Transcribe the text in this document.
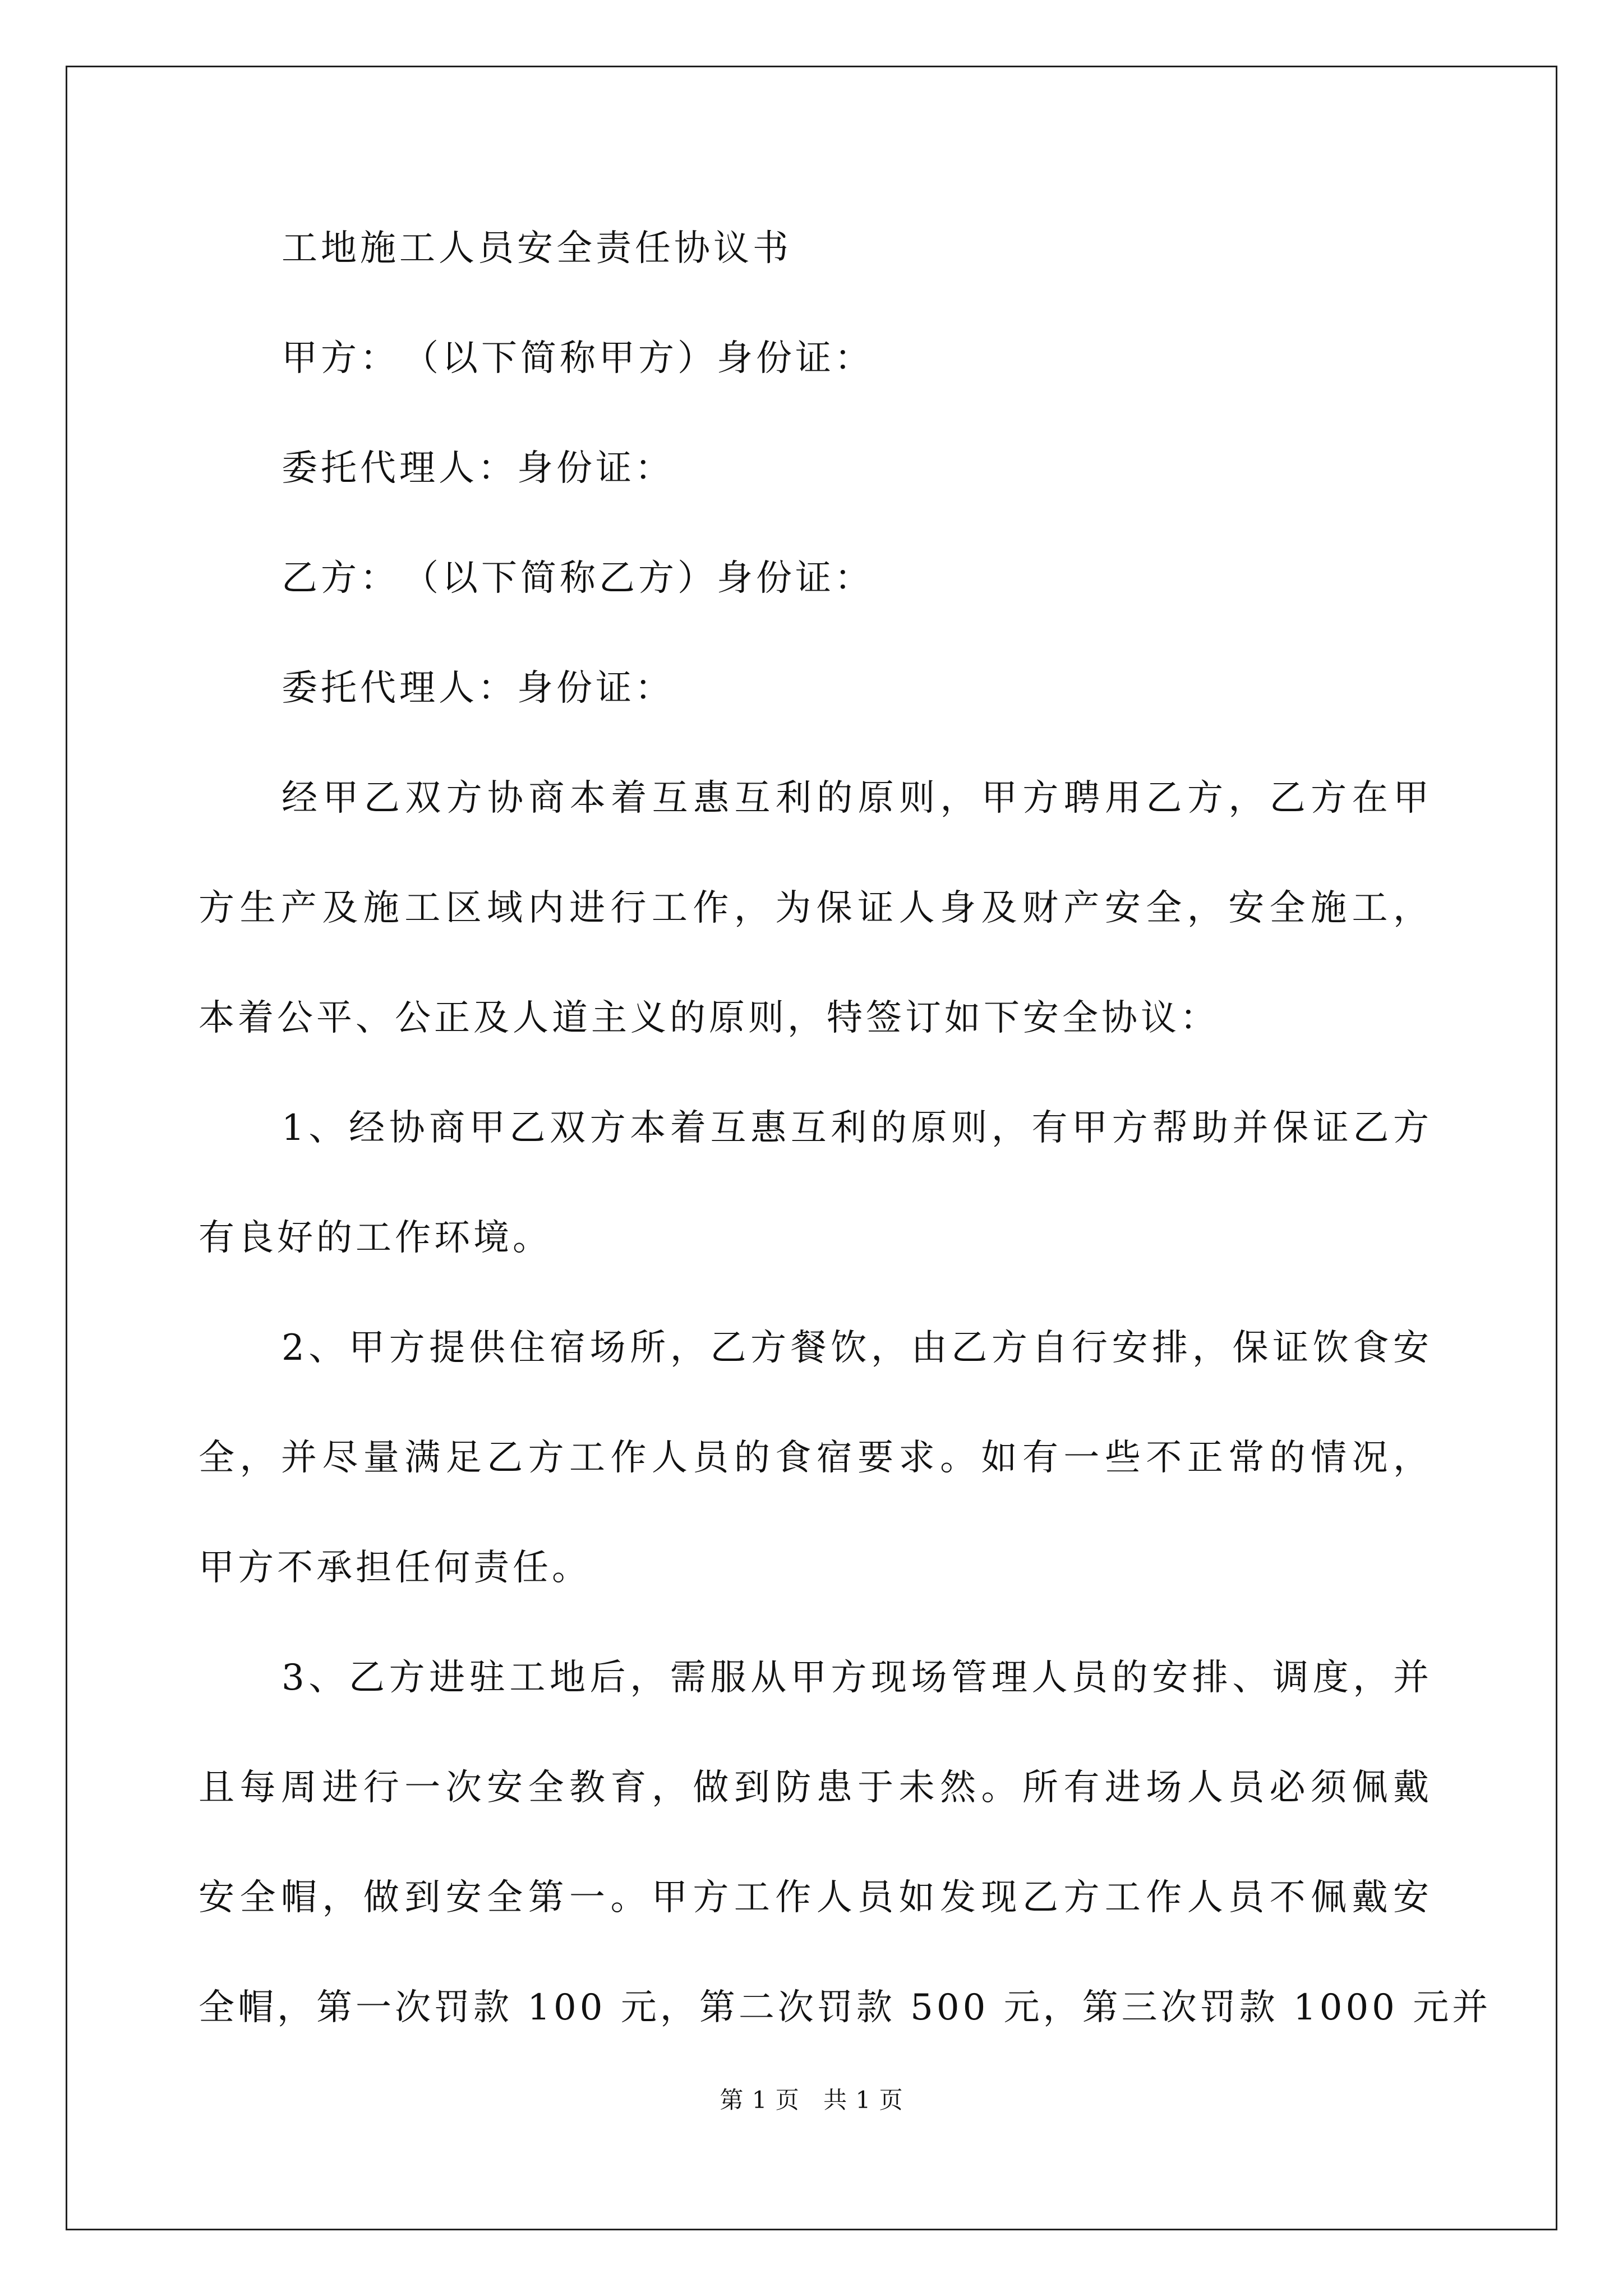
工地施工人员安全责任协议书
甲方：　（以下简称甲方）身份证：
委托代理人：身份证：
乙方：　（以下简称乙方）身份证：
委托代理人：身份证：
经甲乙双方协商本着互惠互利的原则，甲方聘用乙方，乙方在甲
方生产及施工区域内进行工作，为保证人身及财产安全，安全施工，
本着公平、公正及人道主义的原则，特签订如下安全协议：
1、经协商甲乙双方本着互惠互利的原则，有甲方帮助并保证乙方
有良好的工作环境。
2、甲方提供住宿场所，乙方餐饮，由乙方自行安排，保证饮食安
全，并尽量满足乙方工作人员的食宿要求。如有一些不正常的情况，
甲方不承担任何责任。
3、乙方进驻工地后，需服从甲方现场管理人员的安排、调度，并
且每周进行一次安全教育，做到防患于未然。所有进场人员必须佩戴
安全帽，做到安全第一。甲方工作人员如发现乙方工作人员不佩戴安
全帽，第一次罚款 100 元，第二次罚款 500 元，第三次罚款 1000 元并
第 1 页 共 1 页
